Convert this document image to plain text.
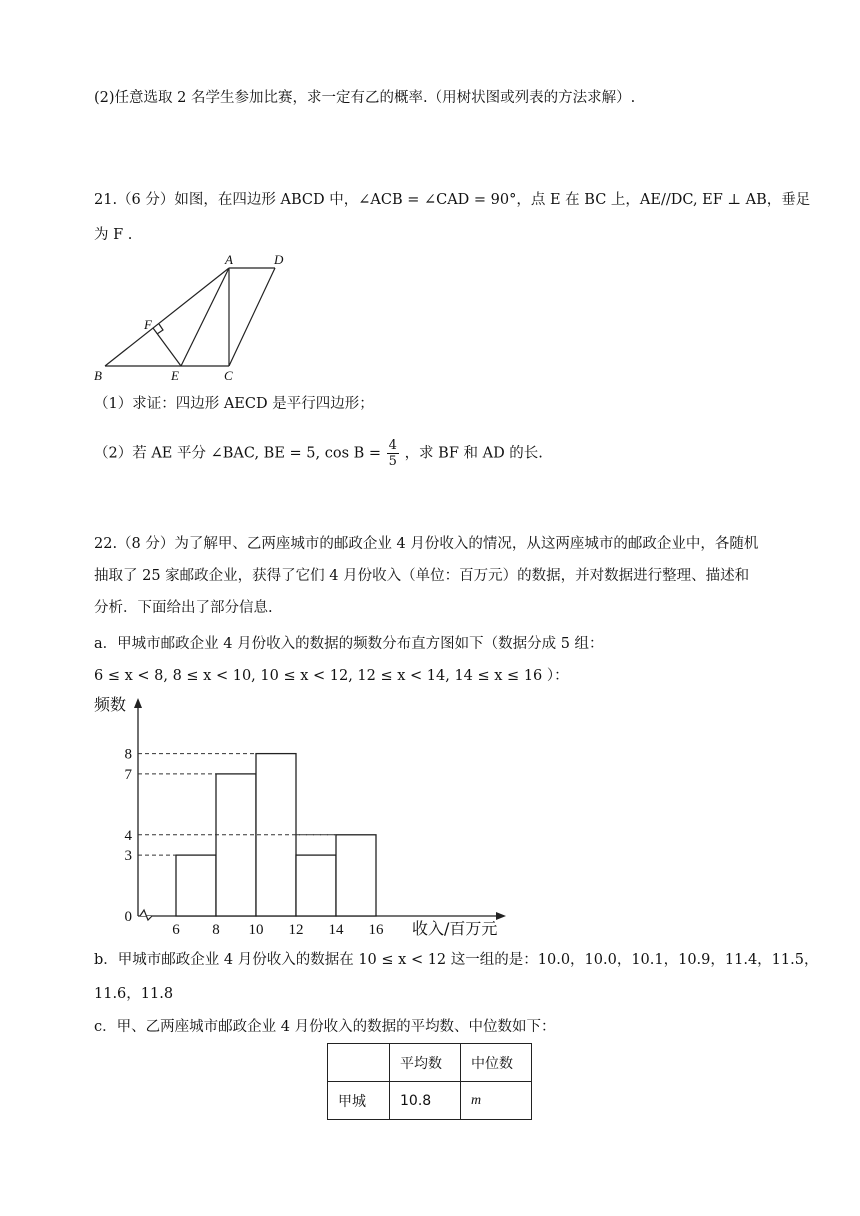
(2)任意选取 2 名学生参加比赛，求一定有乙的概率.（用树状图或列表的方法求解）.
21.（6 分）如图，在四边形 ABCD 中，∠ACB = ∠CAD = 90°，点 E 在 BC 上，AE//DC, EF ⊥ AB，垂足
为 F .
A	D
F
B	E	C
（1）求证：四边形 AECD 是平行四边形；
（2）若 AE 平分 ∠BAC, BE = 5, $\cos B = \frac{4}{5}$ ，求 BF 和 AD 的长.
22.（8 分）为了解甲、乙两座城市的邮政企业 4 月份收入的情况，从这两座城市的邮政企业中，各随机
抽取了 25 家邮政企业，获得了它们 4 月份收入（单位：百万元）的数据，并对数据进行整理、描述和
分析．下面给出了部分信息.
a．甲城市邮政企业 4 月份收入的数据的频数分布直方图如下（数据分成 5 组：
6 ≤ x < 8, 8 ≤ x < 10, 10 ≤ x < 12, 12 ≤ x < 14, 14 ≤ x ≤ 16 ）：
0
3
4
7
8
6 8 10 12 14 16
频数
收入/百万元
b．甲城市邮政企业 4 月份收入的数据在 10 ≤ x < 12 这一组的是：10.0，10.0，10.1，10.9，11.4，11.5，
11.6，11.8
c．甲、乙两座城市邮政企业 4 月份收入的数据的平均数、中位数如下：
	平均数	中位数
甲城	10.8	m
